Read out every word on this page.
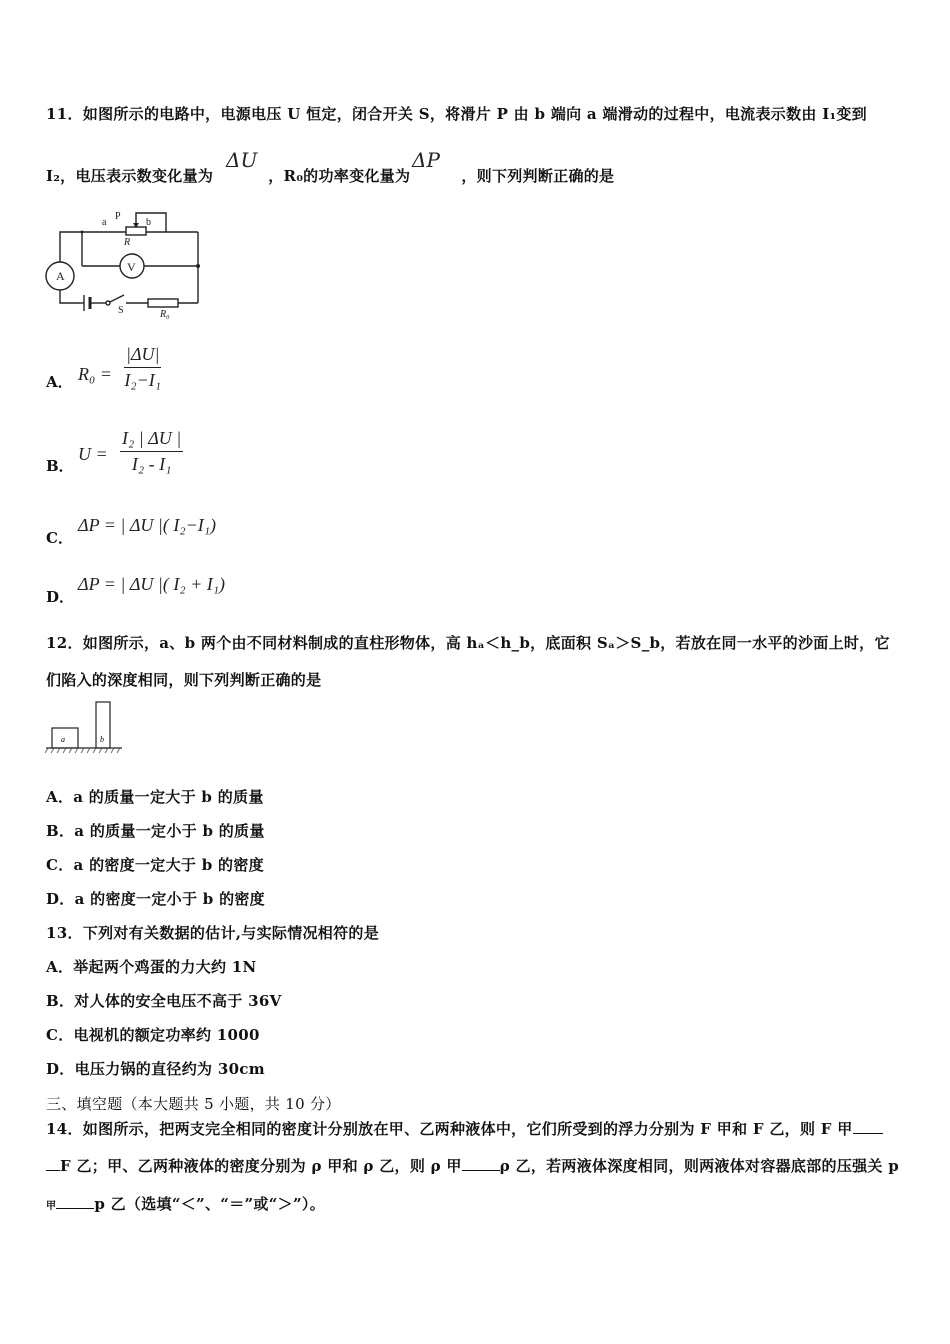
11．如图所示的电路中，电源电压 U 恒定，闭合开关 S，将滑片 P 由 b 端向 a 端滑动的过程中，电流表示数由 I₁变到
I₂，电压表示数变化量为	，R₀的功率变化量为	，则下列判断正确的是
ΔU	ΔP
a
P
b
R
A
V
S	R₀
A． R₀ =
|ΔU|
I₂−I₁
B．
U =
I₂ | ΔU |
I₂ - I₁
C．
ΔP = | ΔU |( I₂−I₁)
D．
ΔP = | ΔU |( I₂ + I₁)
12．如图所示，a、b 两个由不同材料制成的直柱形物体，高 hₐ＜h_b，底面积 Sₐ＞S_b，若放在同一水平的沙面上时，它
们陷入的深度相同，则下列判断正确的是
a	b
A．a 的质量一定大于 b 的质量
B．a 的质量一定小于 b 的质量
C．a 的密度一定大于 b 的密度
D．a 的密度一定小于 b 的密度
13．下列对有关数据的估计,与实际情况相符的是
A．举起两个鸡蛋的力大约 1N
B．对人体的安全电压不高于 36V
C．电视机的额定功率约 1000
D．电压力锅的直径约为 30cm
三、填空题（本大题共 5 小题，共 10 分）
14．如图所示，把两支完全相同的密度计分别放在甲、乙两种液体中，它们所受到的浮力分别为 F 甲和 F 乙，则 F 甲
F 乙；甲、乙两种液体的密度分别为 ρ 甲和 ρ 乙，则 ρ 甲	ρ 乙，若两液体深度相同，则两液体对容器底部的压强关 p
甲	p 乙（选填“＜”、“＝”或“＞”）。
